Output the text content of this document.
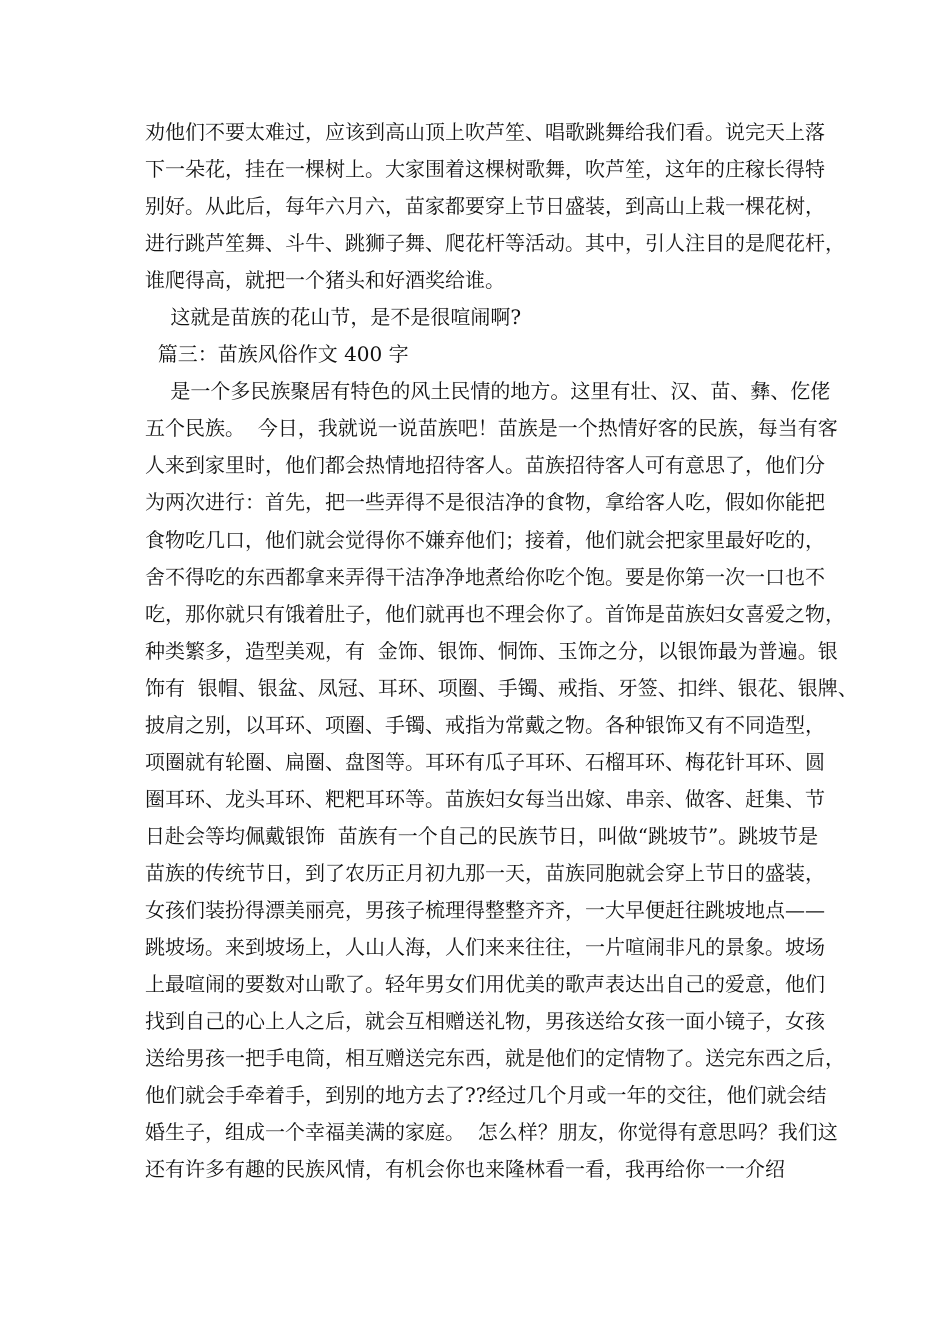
劝他们不要太难过，应该到高山顶上吹芦笙、唱歌跳舞给我们看。说完天上落
下一朵花，挂在一棵树上。大家围着这棵树歌舞，吹芦笙，这年的庄稼长得特
别好。从此后，每年六月六，苗家都要穿上节日盛装，到高山上栽一棵花树，
进行跳芦笙舞、斗牛、跳狮子舞、爬花杆等活动。其中，引人注目的是爬花杆，
谁爬得高，就把一个猪头和好酒奖给谁。
这就是苗族的花山节，是不是很喧闹啊?
篇三：苗族风俗作文 400 字
是一个多民族聚居有特色的风土民情的地方。这里有壮、汉、苗、彝、仡佬
五个民族。  今日，我就说一说苗族吧！苗族是一个热情好客的民族，每当有客
人来到家里时，他们都会热情地招待客人。苗族招待客人可有意思了，他们分
为两次进行：首先，把一些弄得不是很洁净的食物，拿给客人吃，假如你能把
食物吃几口，他们就会觉得你不嫌弃他们；接着，他们就会把家里最好吃的，
舍不得吃的东西都拿来弄得干洁净净地煮给你吃个饱。要是你第一次一口也不
吃，那你就只有饿着肚子，他们就再也不理会你了。首饰是苗族妇女喜爱之物，
种类繁多，造型美观，有  金饰、银饰、恫饰、玉饰之分，以银饰最为普遍。银
饰有  银帽、银盆、凤冠、耳环、项圈、手镯、戒指、牙签、扣绊、银花、银牌、
披肩之别，以耳环、项圈、手镯、戒指为常戴之物。各种银饰又有不同造型，
项圈就有轮圈、扁圈、盘图等。耳环有瓜子耳环、石榴耳环、梅花针耳环、圆
圈耳环、龙头耳环、粑粑耳环等。苗族妇女每当出嫁、串亲、做客、赶集、节
日赴会等均佩戴银饰  苗族有一个自己的民族节日，叫做“跳坡节”。跳坡节是
苗族的传统节日，到了农历正月初九那一天，苗族同胞就会穿上节日的盛装，
女孩们装扮得漂美丽亮，男孩子梳理得整整齐齐，一大早便赶往跳坡地点——
跳坡场。来到坡场上，人山人海，人们来来往往，一片喧闹非凡的景象。坡场
上最喧闹的要数对山歌了。轻年男女们用优美的歌声表达出自己的爱意，他们
找到自己的心上人之后，就会互相赠送礼物，男孩送给女孩一面小镜子，女孩
送给男孩一把手电筒，相互赠送完东西，就是他们的定情物了。送完东西之后，
他们就会手牵着手，到别的地方去了??经过几个月或一年的交往，他们就会结
婚生子，组成一个幸福美满的家庭。  怎么样？朋友，你觉得有意思吗？我们这
还有许多有趣的民族风情，有机会你也来隆林看一看，我再给你一一介绍
